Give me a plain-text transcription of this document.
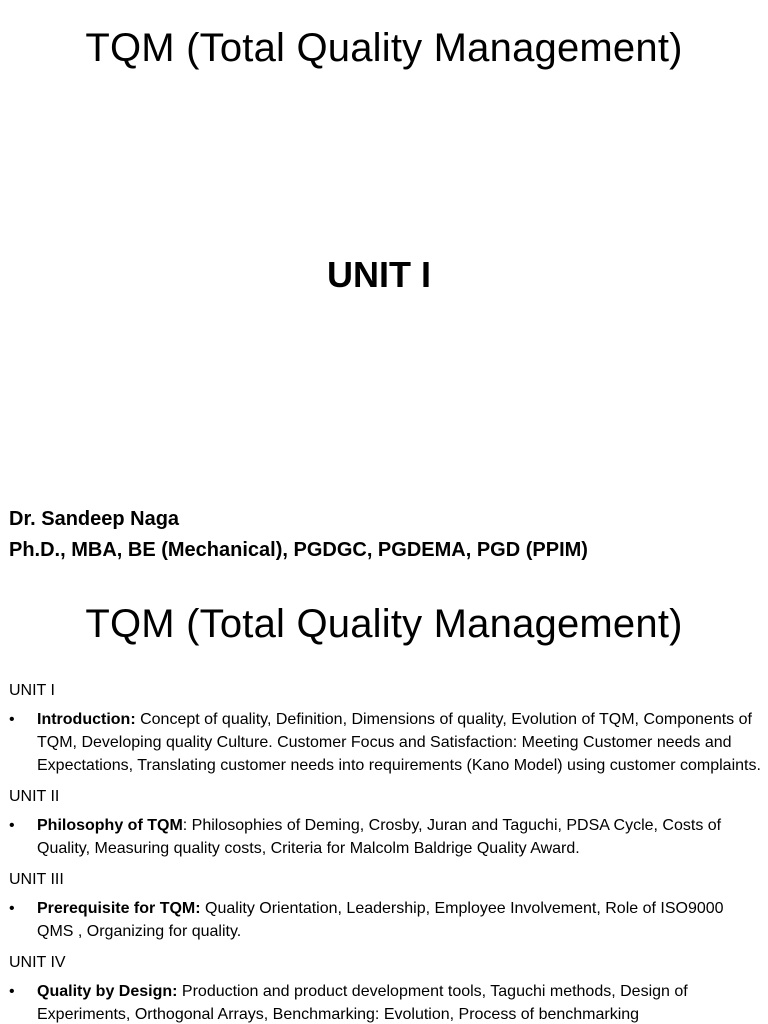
TQM (Total Quality Management)
UNIT I
Dr. Sandeep Naga
Ph.D., MBA, BE (Mechanical), PGDGC, PGDEMA, PGD (PPIM)
TQM (Total Quality Management)
UNIT I
• Introduction: Concept of quality, Definition, Dimensions of quality, Evolution of TQM, Components of TQM, Developing quality Culture. Customer Focus and Satisfaction: Meeting Customer needs and Expectations, Translating customer needs into requirements (Kano Model) using customer complaints.
UNIT II
• Philosophy of TQM: Philosophies of Deming, Crosby, Juran and Taguchi, PDSA Cycle, Costs of Quality, Measuring quality costs, Criteria for Malcolm Baldrige Quality Award.
UNIT III
• Prerequisite for TQM: Quality Orientation, Leadership, Employee Involvement, Role of ISO9000 QMS , Organizing for quality.
UNIT IV
• Quality by Design: Production and product development tools, Taguchi methods, Design of Experiments, Orthogonal Arrays, Benchmarking: Evolution, Process of benchmarking
